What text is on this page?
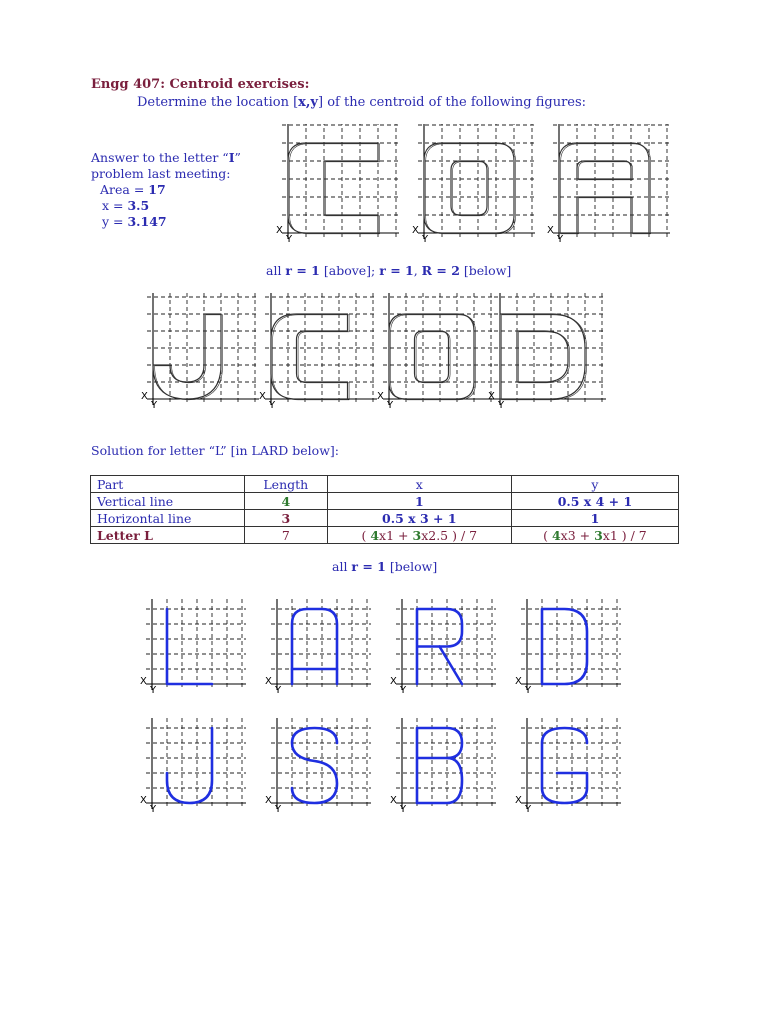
Engg 407: Centroid exercises:
Determine the location [x,y] of the centroid of the following figures:
Answer to the letter “I”
problem last meeting:
Area = 17
x = 3.5
y = 3.147
X
Y
X
Y
X
Y
all r = 1 [above]; r = 1, R = 2 [below]
X
Y
X
Y
X
Y
X
Y
Solution for letter “L” [in LARD below]:
Part	Length	x	y
Vertical line	4	1	0.5 x 4 + 1
Horizontal line	3	0.5 x 3 + 1	1
Letter L	7	( 4x1 + 3x2.5 ) / 7	( 4x3 + 3x1 ) / 7
all r = 1 [below]
X
Y
X
Y
X
Y
X
Y
X
Y
X
Y
X
Y
X
Y
